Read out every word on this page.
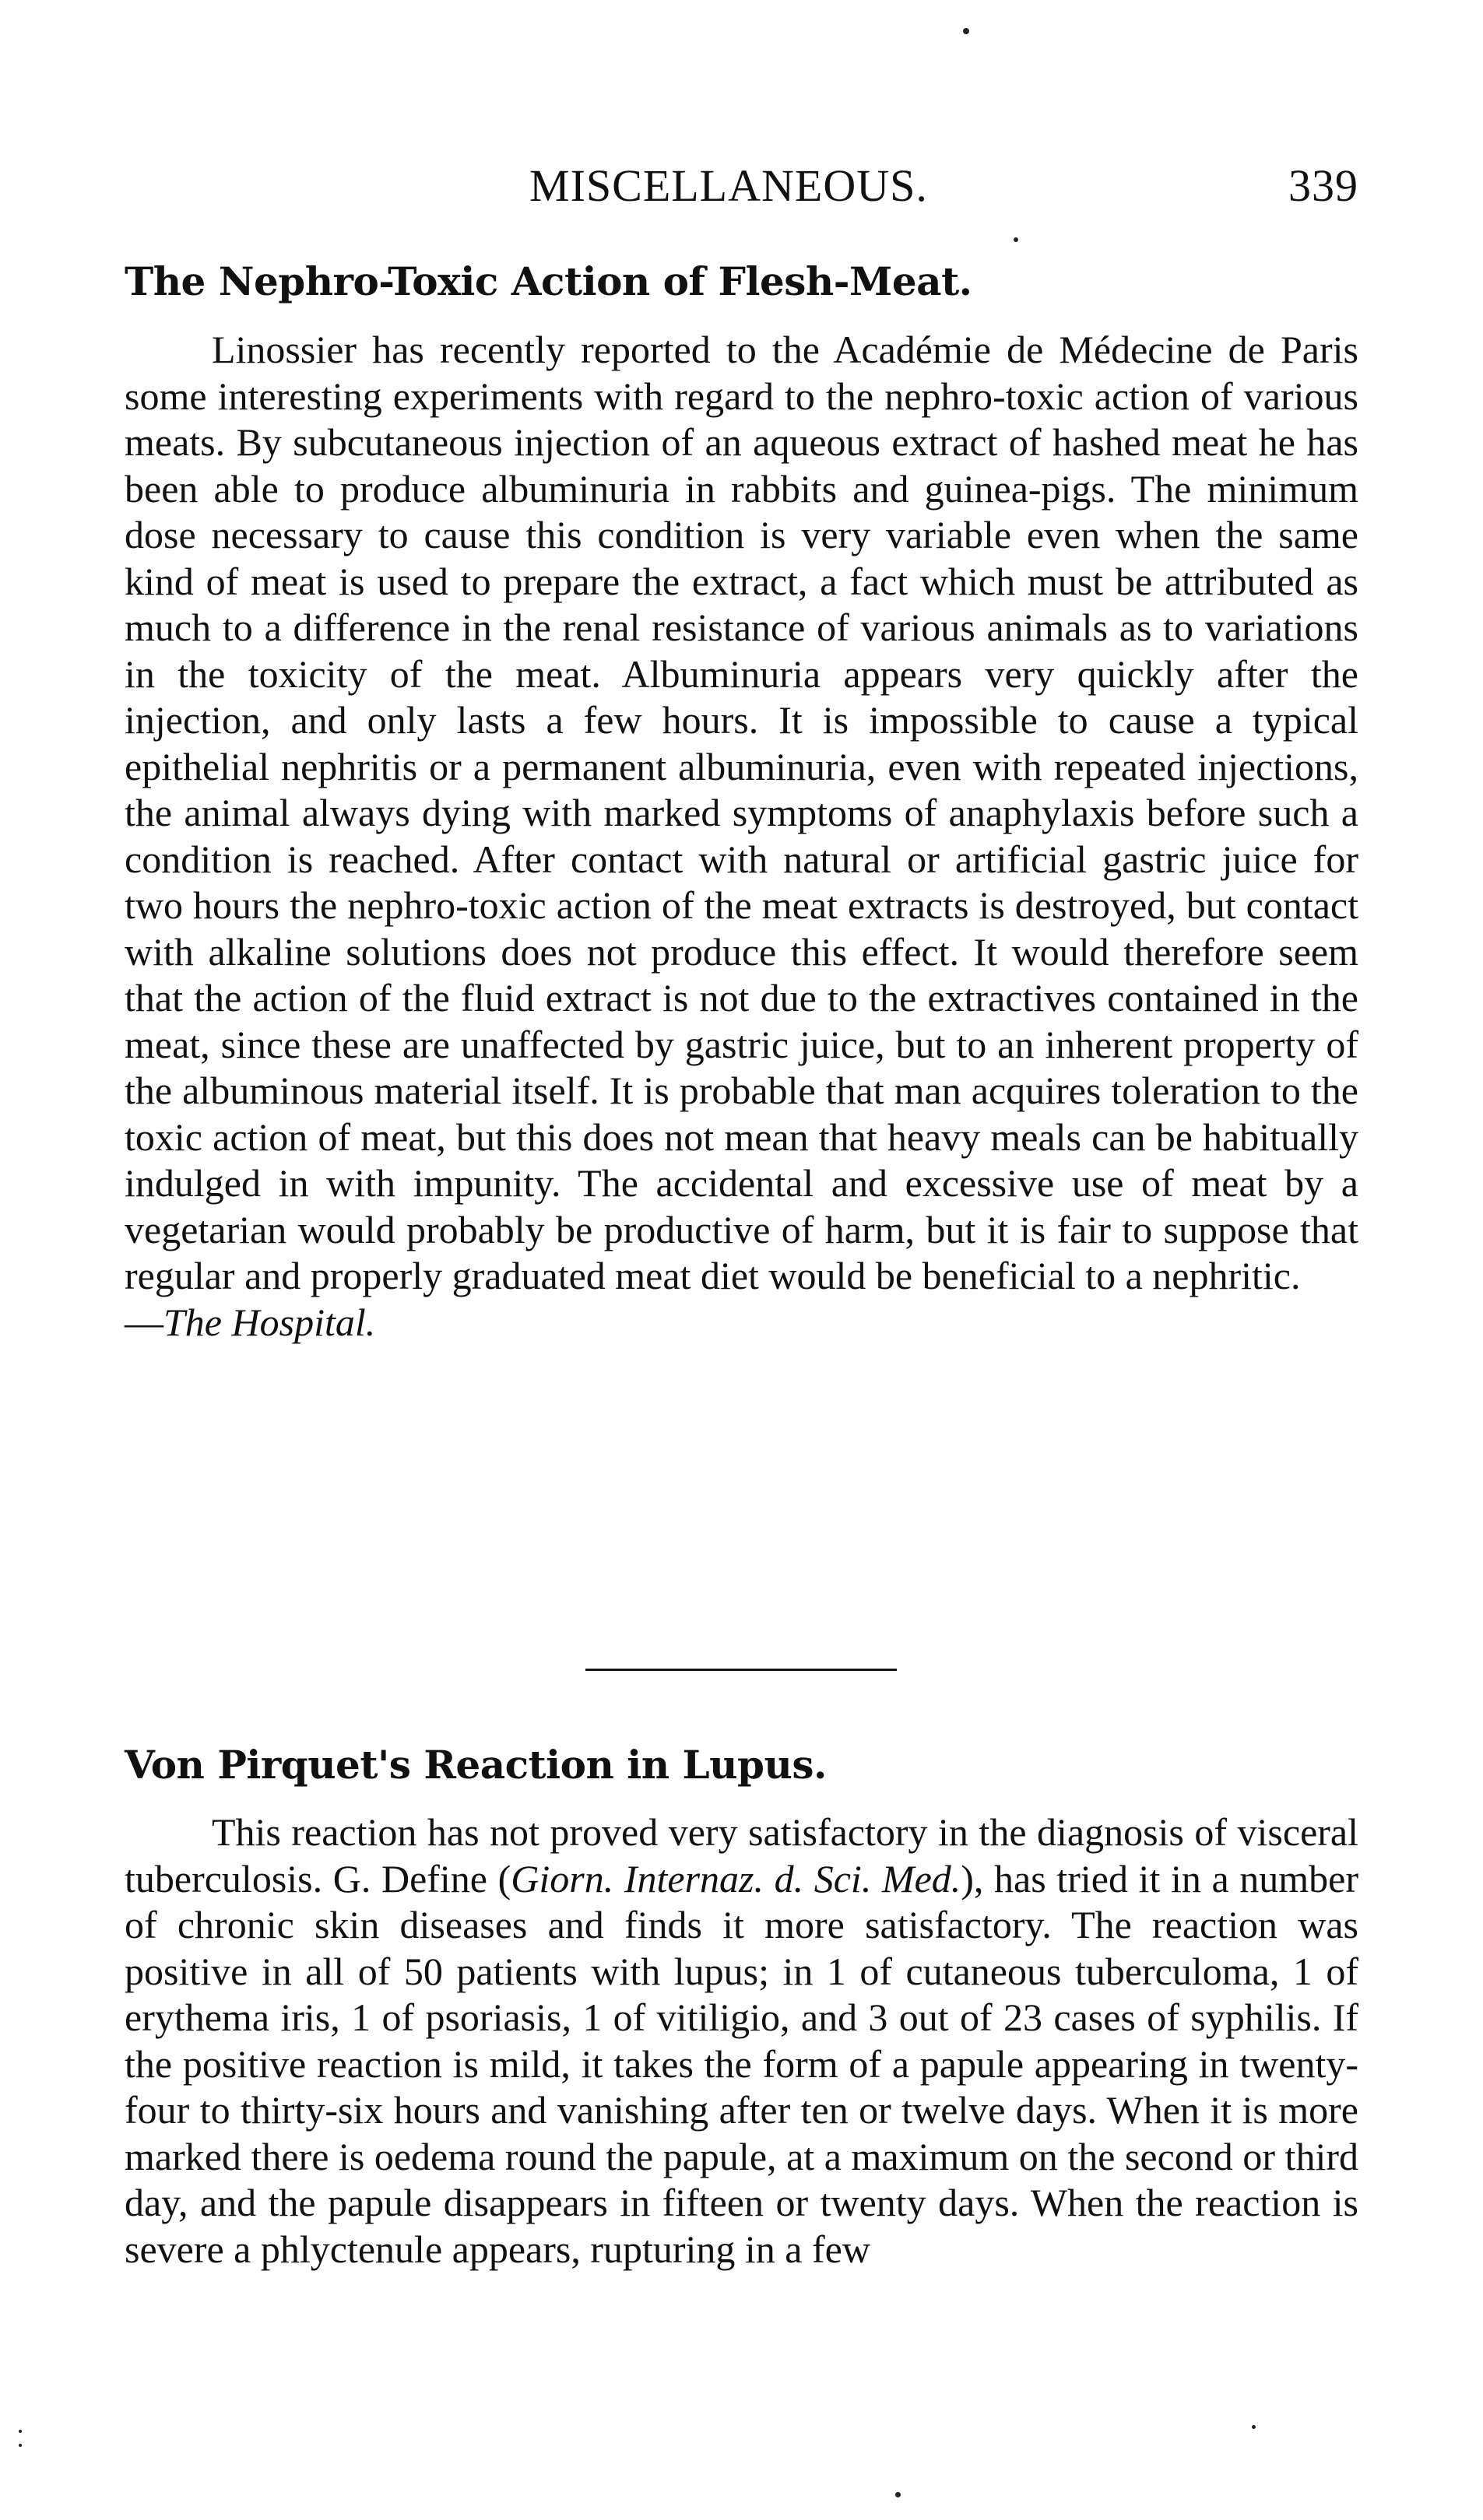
MISCELLANEOUS.	339
The Nephro-Toxic Action of Flesh-Meat.

Linossier has recently reported to the Académie de Médecine de Paris some interesting experiments with regard to the nephro-toxic action of various meats. By subcutaneous injection of an aqueous extract of hashed meat he has been able to produce albuminuria in rabbits and guinea-pigs. The minimum dose necessary to cause this condition is very variable even when the same kind of meat is used to prepare the extract, a fact which must be attributed as much to a difference in the renal resistance of various animals as to variations in the toxicity of the meat. Albuminuria appears very quickly after the injection, and only lasts a few hours. It is impossible to cause a typical epithelial nephritis or a permanent albuminuria, even with repeated injections, the animal always dying with marked symptoms of anaphylaxis before such a condition is reached. After contact with natural or artificial gastric juice for two hours the nephro-toxic action of the meat extracts is destroyed, but contact with alkaline solutions does not produce this effect. It would therefore seem that the action of the fluid extract is not due to the extractives contained in the meat, since these are unaffected by gastric juice, but to an inherent property of the albuminous material itself. It is probable that man acquires toleration to the toxic action of meat, but this does not mean that heavy meals can be habitually indulged in with impunity. The accidental and excessive use of meat by a vegetarian would probably be productive of harm, but it is fair to suppose that regular and properly graduated meat diet would be beneficial to a nephritic.
—The Hospital.

Von Pirquet's Reaction in Lupus.

This reaction has not proved very satisfactory in the diagnosis of visceral tuberculosis. G. Define (Giorn. Internaz. d. Sci. Med.), has tried it in a number of chronic skin diseases and finds it more satisfactory. The reaction was positive in all of 50 patients with lupus; in 1 of cutaneous tuberculoma, 1 of erythema iris, 1 of psoriasis, 1 of vitiligio, and 3 out of 23 cases of syphilis. If the positive reaction is mild, it takes the form of a papule appearing in twenty-four to thirty-six hours and vanishing after ten or twelve days. When it is more marked there is oedema round the papule, at a maximum on the second or third day, and the papule disappears in fifteen or twenty days. When the reaction is severe a phlyctenule appears, rupturing in a few
